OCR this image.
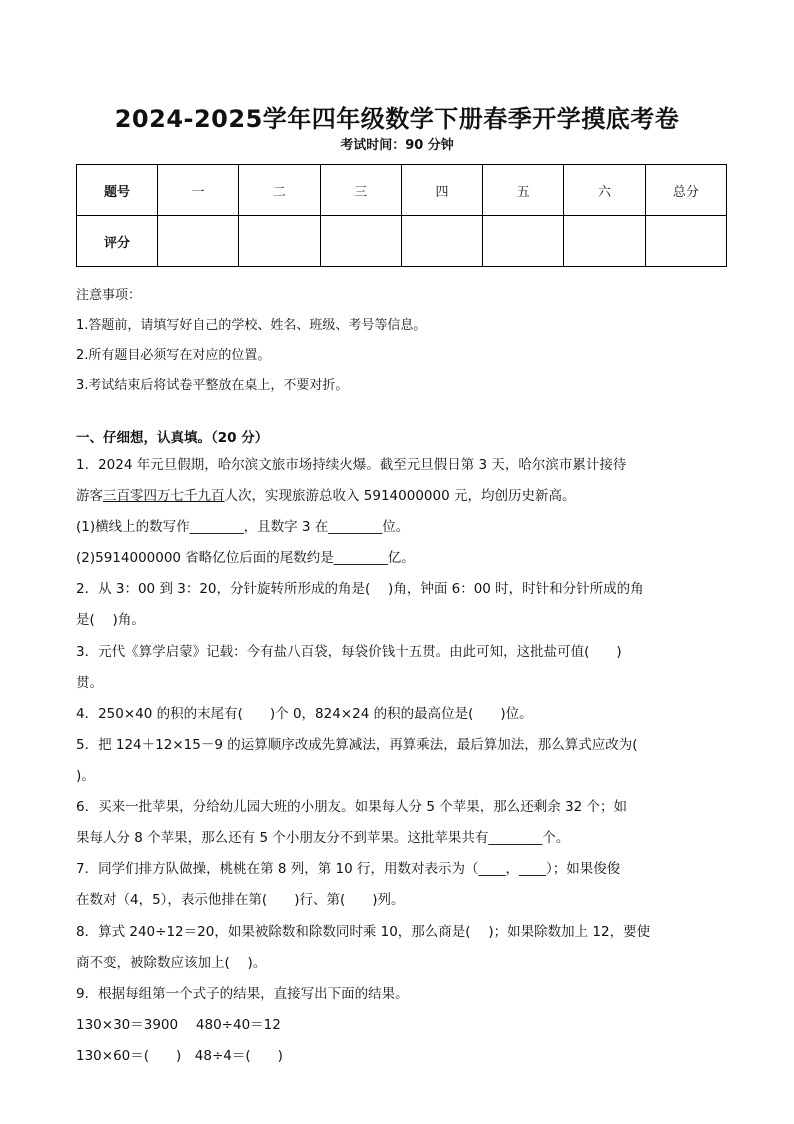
2024-2025学年四年级数学下册春季开学摸底考卷
考试时间：90 分钟
题号	一	二	三	四	五	六	总分
评分							
注意事项：
1.答题前，请填写好自己的学校、姓名、班级、考号等信息。
2.所有题目必须写在对应的位置。
3.考试结束后将试卷平整放在桌上，不要对折。
一、仔细想，认真填。（20 分）
1．2024 年元旦假期，哈尔滨文旅市场持续火爆。截至元旦假日第 3 天，哈尔滨市累计接待
游客三百零四万七千九百人次，实现旅游总收入 5914000000 元，均创历史新高。
(1)横线上的数写作________，且数字 3 在________位。
(2)5914000000 省略亿位后面的尾数约是________亿。
2．从 3：00 到 3：20，分针旋转所形成的角是(　 )角，钟面 6：00 时，时针和分针所成的角
是(　 )角。
3．元代《算学启蒙》记载：今有盐八百袋，每袋价钱十五贯。由此可知，这批盐可值(　　)
贯。
4．250×40 的积的末尾有(　　)个 0，824×24 的积的最高位是(　　)位。
5．把 124＋12×15－9 的运算顺序改成先算减法，再算乘法，最后算加法，那么算式应改为(
)。
6．买来一批苹果，分给幼儿园大班的小朋友。如果每人分 5 个苹果，那么还剩余 32 个；如
果每人分 8 个苹果，那么还有 5 个小朋友分不到苹果。这批苹果共有________个。
7．同学们排方队做操，桃桃在第 8 列，第 10 行，用数对表示为（____，____）；如果俊俊
在数对（4，5），表示他排在第(　　)行、第(　　)列。
8．算式 240÷12＝20，如果被除数和除数同时乘 10，那么商是(　 )；如果除数加上 12，要使
商不变，被除数应该加上(　 )。
9．根据每组第一个式子的结果，直接写出下面的结果。
130×30＝3900　 480÷40＝12
130×60＝(　　)　48÷4＝(　　)
